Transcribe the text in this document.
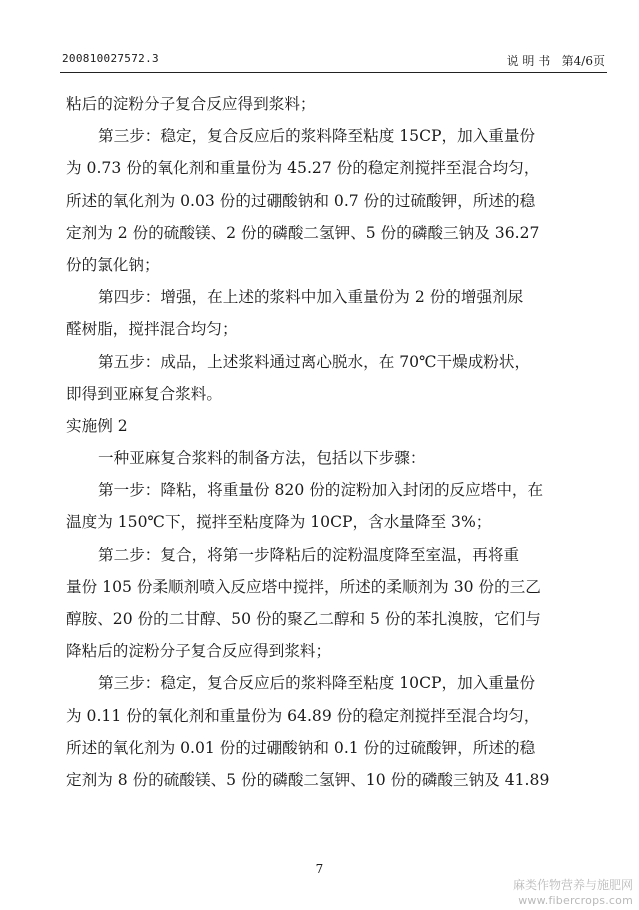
200810027572.3	说 明 书 第4/6页
粘后的淀粉分子复合反应得到浆料；
第三步：稳定，复合反应后的浆料降至粘度 15CP，加入重量份
为 0.73 份的氧化剂和重量份为 45.27 份的稳定剂搅拌至混合均匀，
所述的氧化剂为 0.03 份的过硼酸钠和 0.7 份的过硫酸钾，所述的稳
定剂为 2 份的硫酸镁、2 份的磷酸二氢钾、5 份的磷酸三钠及 36.27
份的氯化钠；
第四步：增强，在上述的浆料中加入重量份为 2 份的增强剂尿
醛树脂，搅拌混合均匀；
第五步：成品，上述浆料通过离心脱水，在 70℃干燥成粉状，
即得到亚麻复合浆料。
实施例 2
一种亚麻复合浆料的制备方法，包括以下步骤：
第一步：降粘，将重量份 820 份的淀粉加入封闭的反应塔中，在
温度为 150℃下，搅拌至粘度降为 10CP，含水量降至 3%；
第二步：复合，将第一步降粘后的淀粉温度降至室温，再将重
量份 105 份柔顺剂喷入反应塔中搅拌，所述的柔顺剂为 30 份的三乙
醇胺、20 份的二甘醇、50 份的聚乙二醇和 5 份的苯扎溴胺，它们与
降粘后的淀粉分子复合反应得到浆料；
第三步：稳定，复合反应后的浆料降至粘度 10CP，加入重量份
为 0.11 份的氧化剂和重量份为 64.89 份的稳定剂搅拌至混合均匀，
所述的氧化剂为 0.01 份的过硼酸钠和 0.1 份的过硫酸钾，所述的稳
定剂为 8 份的硫酸镁、5 份的磷酸二氢钾、10 份的磷酸三钠及 41.89
7
麻类作物营养与施肥网
www.fibercrops.com
